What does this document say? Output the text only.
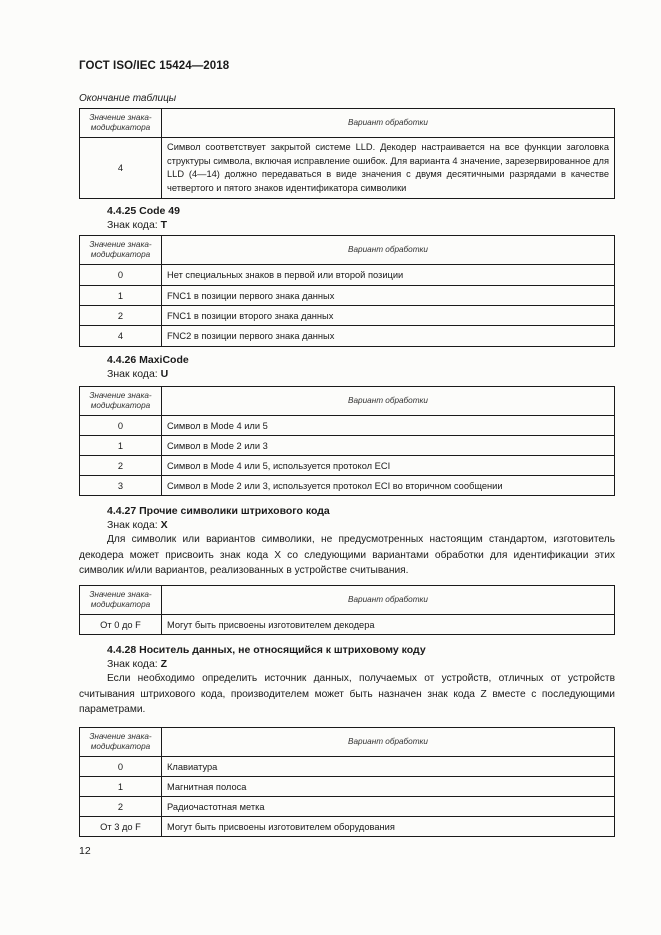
ГОСТ ISO/IEC 15424—2018
Окончание таблицы
Значение знака-модификатора	Вариант обработки
4	Символ соответствует закрытой системе LLD. Декодер настраивается на все функции заголовка структуры символа, включая исправление ошибок. Для варианта 4 значение, зарезервированное для LLD (4—14) должно передаваться в виде значения с двумя десятичными разрядами в качестве четвертого и пятого знаков идентификатора символики
4.4.25 Code 49
Знак кода: T
Значение знака-модификатора	Вариант обработки
0	Нет специальных знаков в первой или второй позиции
1	FNC1 в позиции первого знака данных
2	FNC1 в позиции второго знака данных
4	FNC2 в позиции первого знака данных
4.4.26 MaxiCode
Знак кода: U
Значение знака-модификатора	Вариант обработки
0	Символ в Mode 4 или 5
1	Символ в Mode 2 или 3
2	Символ в Mode 4 или 5, используется протокол ECI
3	Символ в Mode 2 или 3, используется протокол ECI во вторичном сообщении
4.4.27 Прочие символики штрихового кода
Знак кода: X
Для символик или вариантов символики, не предусмотренных настоящим стандартом, изготовитель декодера может присвоить знак кода X со следующими вариантами обработки для идентификации этих символик и/или вариантов, реализованных в устройстве считывания.
Значение знака-модификатора	Вариант обработки
От 0 до F	Могут быть присвоены изготовителем декодера
4.4.28 Носитель данных, не относящийся к штриховому коду
Знак кода: Z
Если необходимо определить источник данных, получаемых от устройств, отличных от устройств считывания штрихового кода, производителем может быть назначен знак кода Z вместе с последующими параметрами.
Значение знака-модификатора	Вариант обработки
0	Клавиатура
1	Магнитная полоса
2	Радиочастотная метка
От 3 до F	Могут быть присвоены изготовителем оборудования
12
